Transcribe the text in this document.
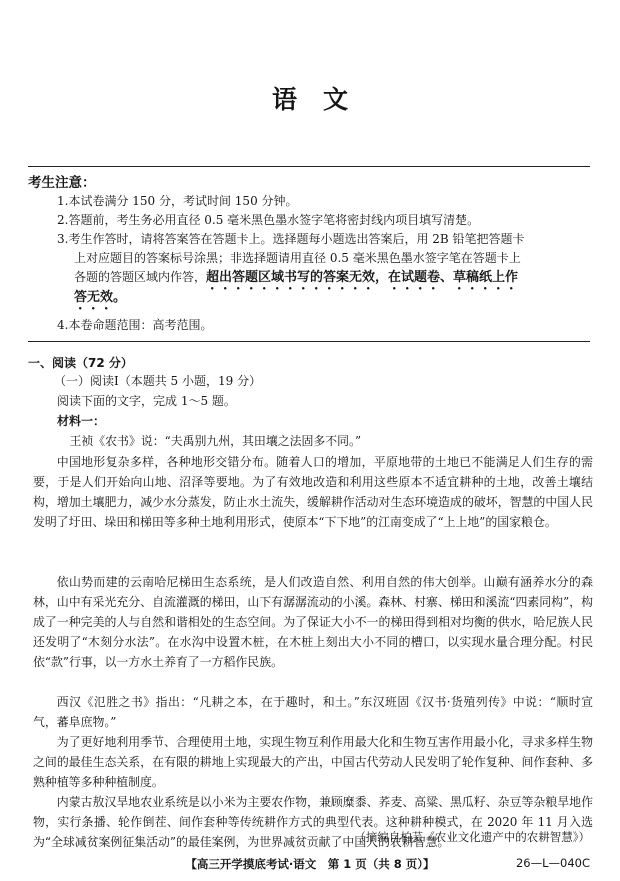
语文
考生注意：
1.本试卷满分 150 分，考试时间 150 分钟。
2.答题前，考生务必用直径 0.5 毫米黑色墨水签字笔将密封线内项目填写清楚。
3.考生作答时，请将答案答在答题卡上。选择题每小题选出答案后，用 2B 铅笔把答题卡
上对应题目的答案标号涂黑；非选择题请用直径 0.5 毫米黑色墨水签字笔在答题卡上
各题的答题区域内作答，超出答题区域书写的答案无效，在试题卷、草稿纸上作
答无效。
4.本卷命题范围：高考范围。
一、阅读（72 分）
（一）阅读Ⅰ（本题共 5 小题，19 分）
阅读下面的文字，完成 1～5 题。
材料一：
王祯《农书》说：“夫禹别九州，其田壤之法固多不同。”
中国地形复杂多样，各种地形交错分布。随着人口的增加，平原地带的土地已不能满足人们生存的需要，于是人们开始向山地、沼泽等要地。为了有效地改造和利用这些原本不适宜耕种的土地，改善土壤结构，增加土壤肥力，减少水分蒸发，防止水土流失，缓解耕作活动对生态环境造成的破坏，智慧的中国人民发明了圩田、垛田和梯田等多种土地利用形式，使原本“下下地”的江南变成了“上上地”的国家粮仓。
依山势而建的云南哈尼梯田生态系统，是人们改造自然、利用自然的伟大创举。山巅有涵养水分的森林，山中有采光充分、自流灌溉的梯田，山下有潺潺流动的小溪。森林、村寨、梯田和溪流“四素同构”，构成了一种完美的人与自然和谐相处的生态空间。为了保证大小不一的梯田得到相对均衡的供水，哈尼族人民还发明了“木刻分水法”。在水沟中设置木桩，在木桩上刻出大小不同的槽口，以实现水量合理分配。村民依“款”行事，以一方水土养育了一方稻作民族。
西汉《氾胜之书》指出：“凡耕之本，在于趣时，和土。”东汉班固《汉书·货殖列传》中说：“顺时宣气，蕃阜庶物。”
为了更好地利用季节、合理使用土地，实现生物互利作用最大化和生物互害作用最小化，寻求多样生物之间的最佳生态关系，在有限的耕地上实现最大的产出，中国古代劳动人民发明了轮作复种、间作套种、多熟种植等多种种植制度。
内蒙古敖汉旱地农业系统是以小米为主要农作物，兼顾糜黍、荞麦、高粱、黑瓜籽、杂豆等杂粮旱地作物，实行条播、轮作倒茬、间作套种等传统耕作方式的典型代表。这种耕种模式，在 2020 年 11 月入选为“全球减贫案例征集活动”的最佳案例，为世界减贫贡献了中国人的农耕智慧。
（摘编自柏芸《农业文化遗产中的农耕智慧》）
【高三开学摸底考试·语文　第 1 页（共 8 页）】	26—L—040C
